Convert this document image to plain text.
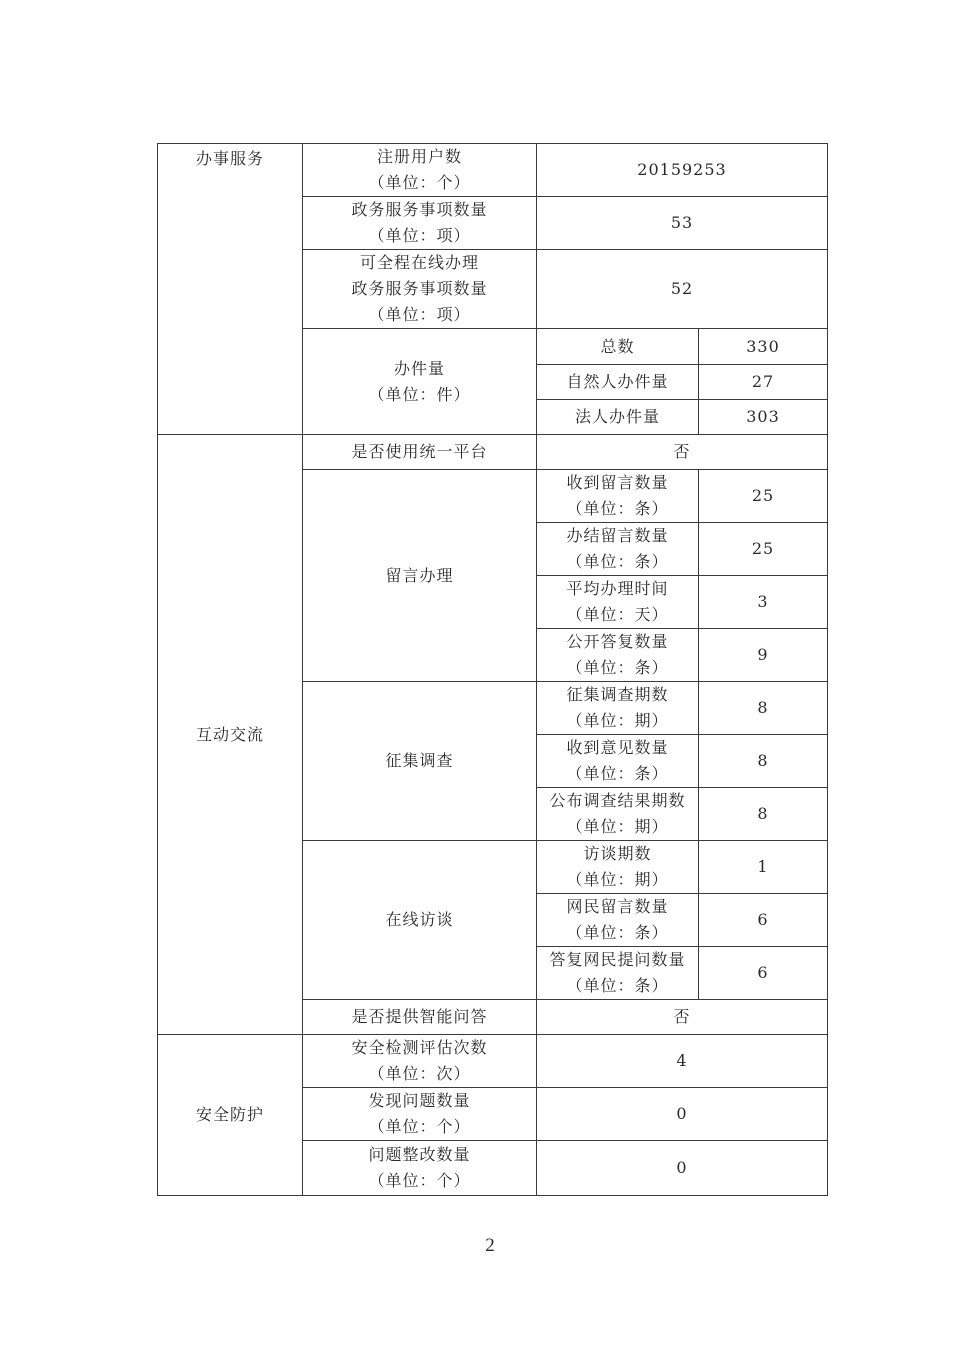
办事服务	注册用户数
（单位：个）	20159253	

	政务服务事项数量
（单位：项）	53	

	可全程在线办理
政务服务事项数量
（单位：项）	52	

	办件量
（单位：件）	总数	330
		自然人办件量	27
		法人办件量	303
互动交流	是否使用统一平台	否	
	留言办理	收到留言数量
（单位：条）	25

		办结留言数量
（单位：条）	25

		平均办理时间
（单位：天）	3

		公开答复数量
（单位：条）	9
	征集调查	征集调查期数
（单位：期）	8

		收到意见数量
（单位：条）	8

		公布调查结果期数
（单位：期）	8
	在线访谈	访谈期数
（单位：期）	1

		网民留言数量
（单位：条）	6

		答复网民提问数量
（单位：条）	6
	是否提供智能问答	否	
安全防护	安全检测评估次数
（单位：次）	4	

	发现问题数量
（单位：个）	0	

	问题整改数量
（单位：个）	0	
2
